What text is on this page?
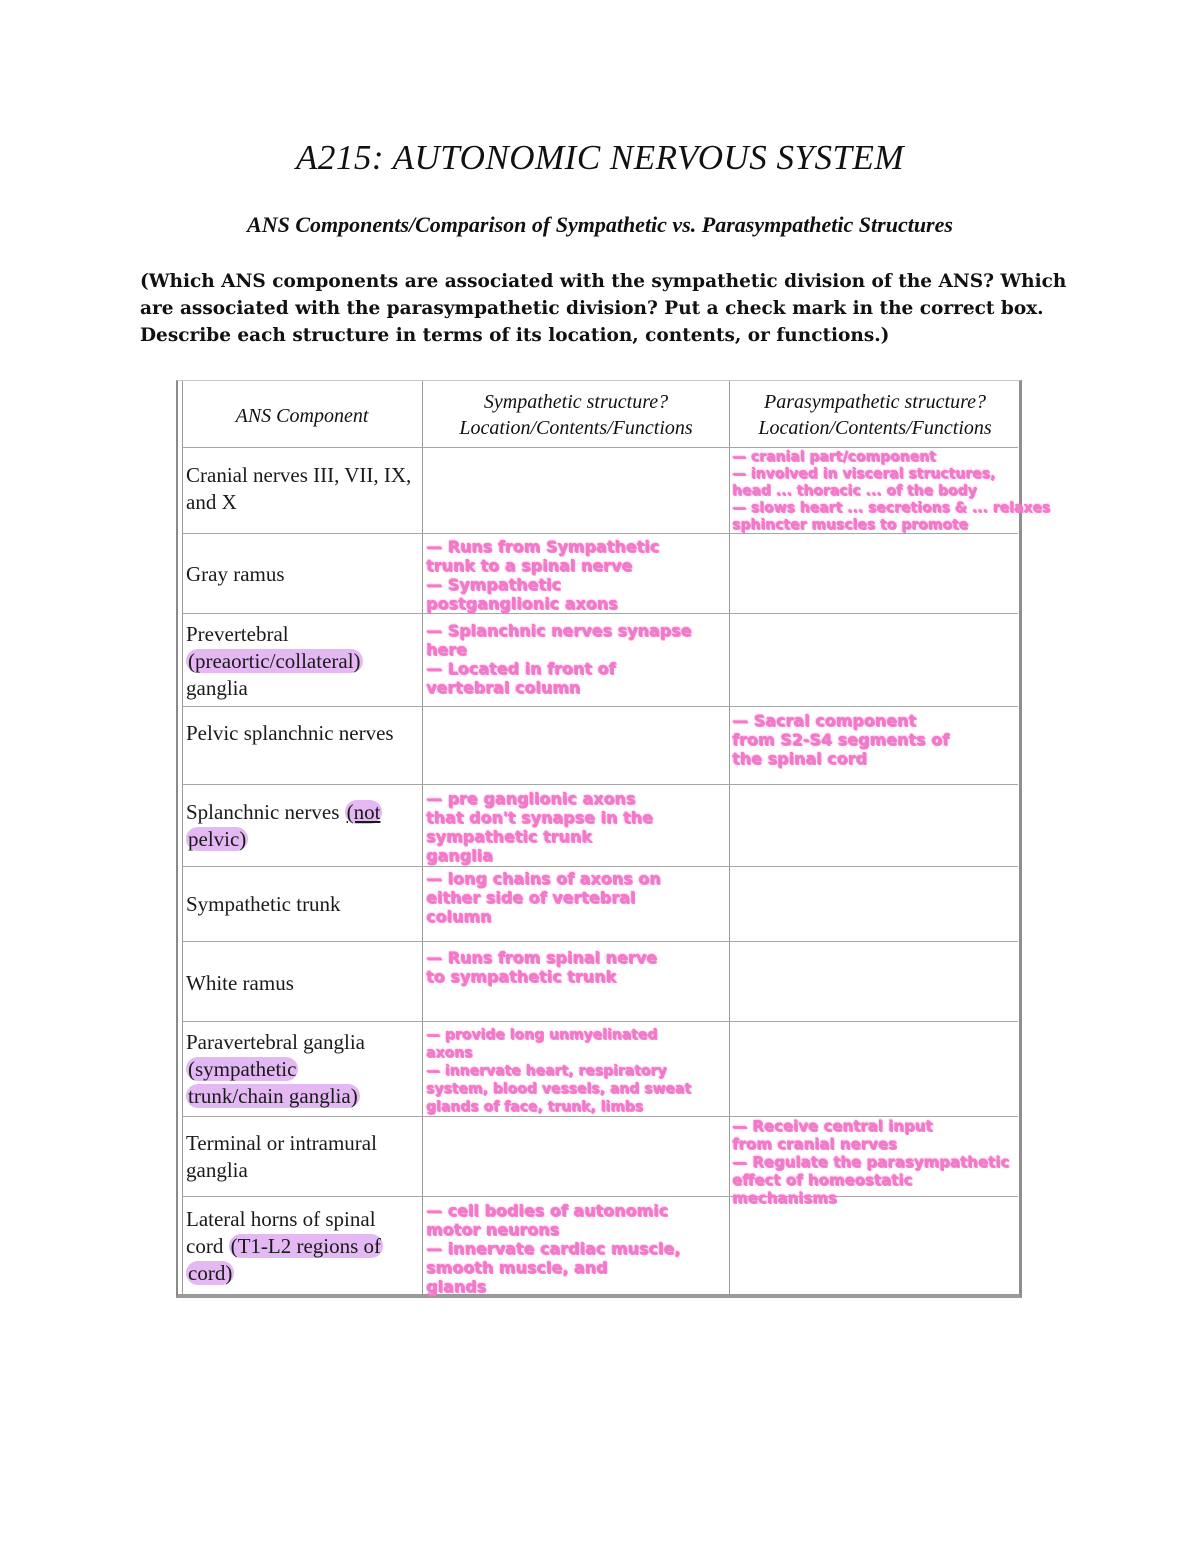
A215: AUTONOMIC NERVOUS SYSTEM
ANS Components/Comparison of Sympathetic vs. Parasympathetic Structures
(Which ANS components are associated with the sympathetic division of the ANS? Which are associated with the parasympathetic division? Put a check mark in the correct box. Describe each structure in terms of its location, contents, or functions.)
ANS Component
Sympathetic structure?
Location/Contents/Functions
Parasympathetic structure?
Location/Contents/Functions
Cranial nerves III, VII, IX, and X
— cranial part/component
— involved in visceral structures,
head ... thoracic ... of the body
— slows heart ... secretions & ... relaxes
sphincter muscles to promote
Gray ramus
— Runs from Sympathetic
trunk to a spinal nerve
— Sympathetic
postganglionic axons
Prevertebral
(preaortic/collateral)
ganglia
— Splanchnic nerves synapse
here
— Located in front of
vertebral column
Pelvic splanchnic nerves
— Sacral component
from S2-S4 segments of
the spinal cord
Splanchnic nerves (not
pelvic)
— pre ganglionic axons
that don't synapse in the
sympathetic trunk
ganglia
Sympathetic trunk
— long chains of axons on
either side of vertebral
column
White ramus
— Runs from spinal nerve
to sympathetic trunk
Paravertebral ganglia
(sympathetic
trunk/chain ganglia)
— provide long unmyelinated
axons
— innervate heart, respiratory
system, blood vessels, and sweat
glands of face, trunk, limbs
Terminal or intramural ganglia
— Receive central input
from cranial nerves
— Regulate the parasympathetic
effect of homeostatic
mechanisms
Lateral horns of spinal
cord (T1-L2 regions of
cord)
— cell bodies of autonomic
motor neurons
— innervate cardiac muscle,
smooth muscle, and
glands
